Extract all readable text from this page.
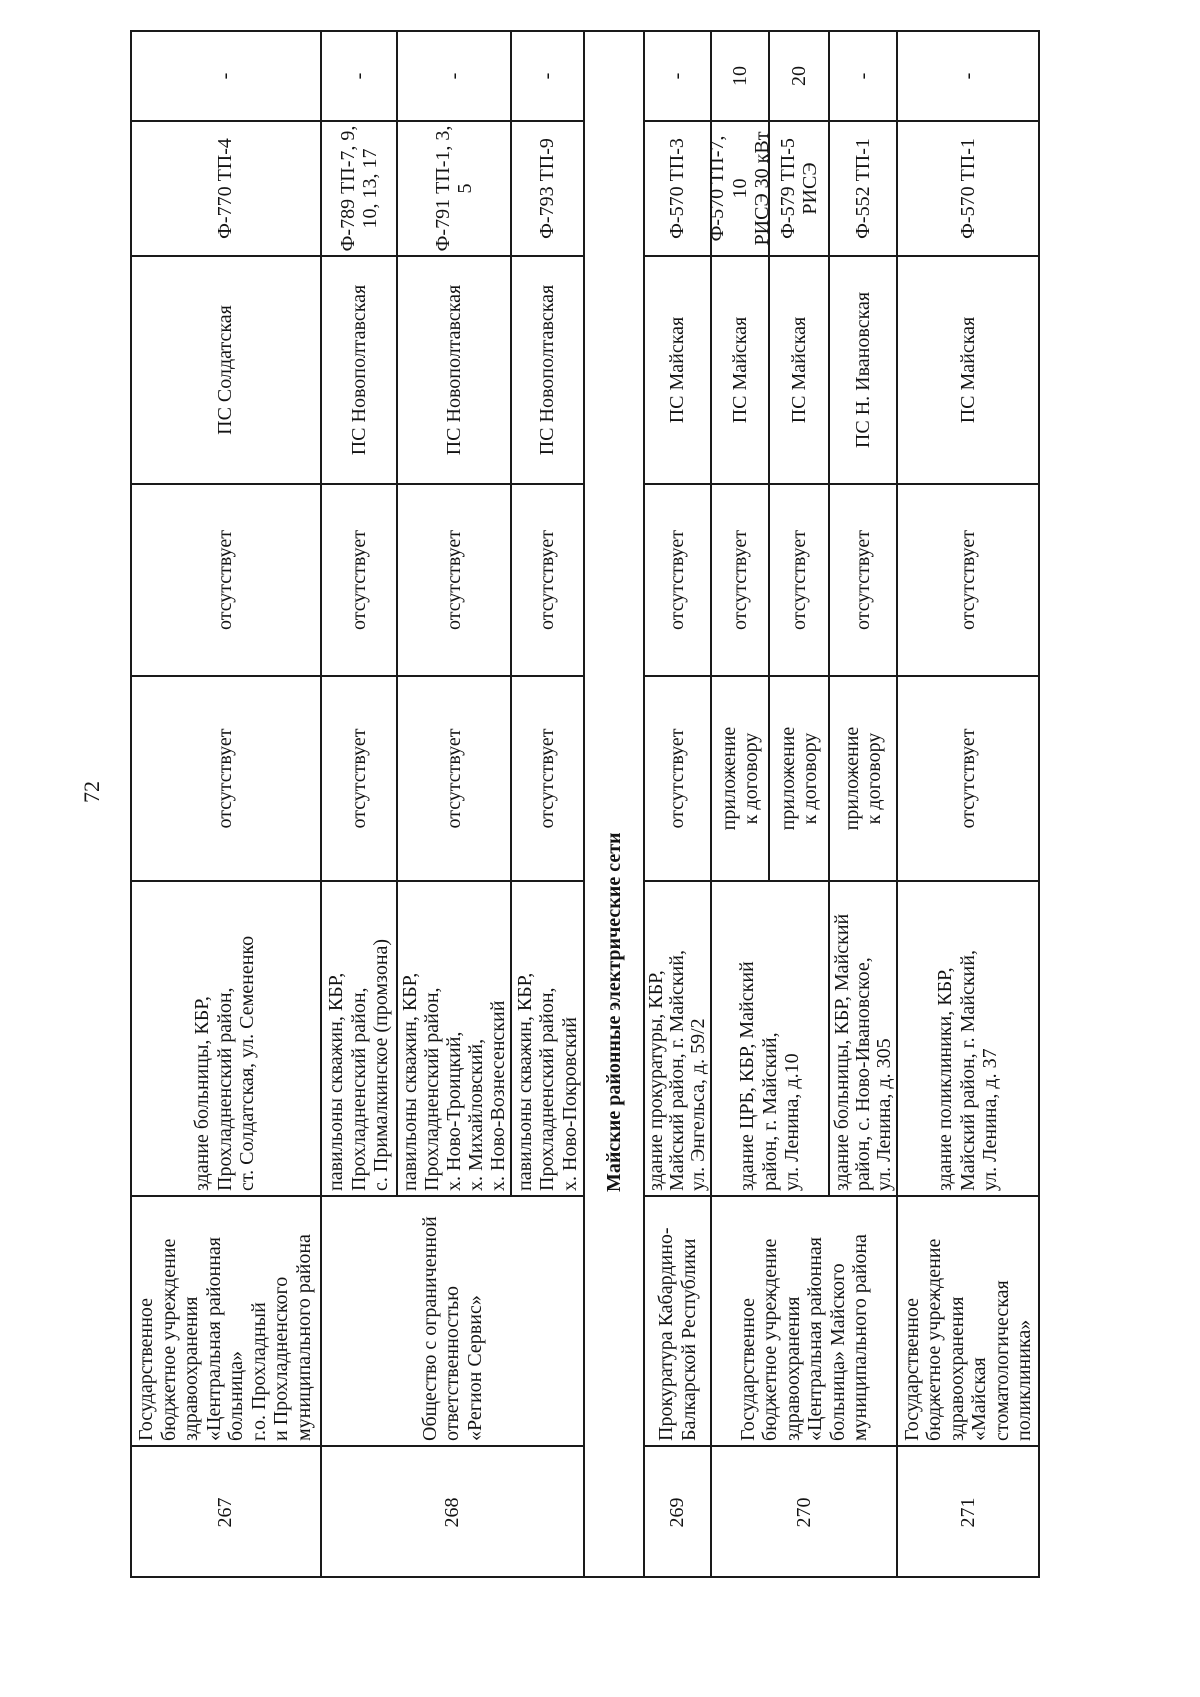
72
267
Государственное
бюджетное учреждение
здравоохранения
«Центральная районная
больница»
г.о. Прохладный
и Прохладненского
муниципального района
здание больницы, КБР,
Прохладненский район,
ст. Солдатская, ул. Семененко
отсутствует
отсутствует
ПС Солдатская
Ф-770 ТП-4
-
268
Общество с ограниченной
ответственностью
«Регион Сервис»
павильоны скважин, КБР,
Прохладненский район,
с. Прималкинское (промзона)
отсутствует
отсутствует
ПС Новополтавская
Ф-789 ТП-7, 9,
10, 13, 17
-
павильоны скважин, КБР,
Прохладненский район,
х. Ново-Троицкий,
х. Михайловский,
х. Ново-Вознесенский
отсутствует
отсутствует
ПС Новополтавская
Ф-791 ТП-1, 3,
5
-
павильоны скважин, КБР,
Прохладненский район,
х. Ново-Покровский
отсутствует
отсутствует
ПС Новополтавская
Ф-793 ТП-9
-
Майские районные электрические сети
269
Прокуратура Кабардино-
Балкарской Республики
здание прокуратуры, КБР,
Майский район, г. Майский,
ул. Энгельса, д. 59/2
отсутствует
отсутствует
ПС Майская
Ф-570 ТП-3
-
270
Государственное
бюджетное учреждение
здравоохранения
«Центральная районная
больница» Майского
муниципального района
здание ЦРБ, КБР, Майский
район, г. Майский,
ул. Ленина, д.10
приложение
к договору
отсутствует
ПС Майская
Ф-570 ТП-7, 10
РИСЭ 30 кВт
10
приложение
к договору
отсутствует
ПС Майская
Ф-579 ТП-5
РИСЭ
20
здание больницы, КБР, Майский
район, с. Ново-Ивановское,
ул. Ленина, д. 305
приложение
к договору
отсутствует
ПС Н. Ивановская
Ф-552 ТП-1
-
271
Государственное
бюджетное учреждение
здравоохранения
«Майская
стоматологическая
поликлиника»
здание поликлиники, КБР,
Майский район, г. Майский,
ул. Ленина, д. 37
отсутствует
отсутствует
ПС Майская
Ф-570 ТП-1
-
